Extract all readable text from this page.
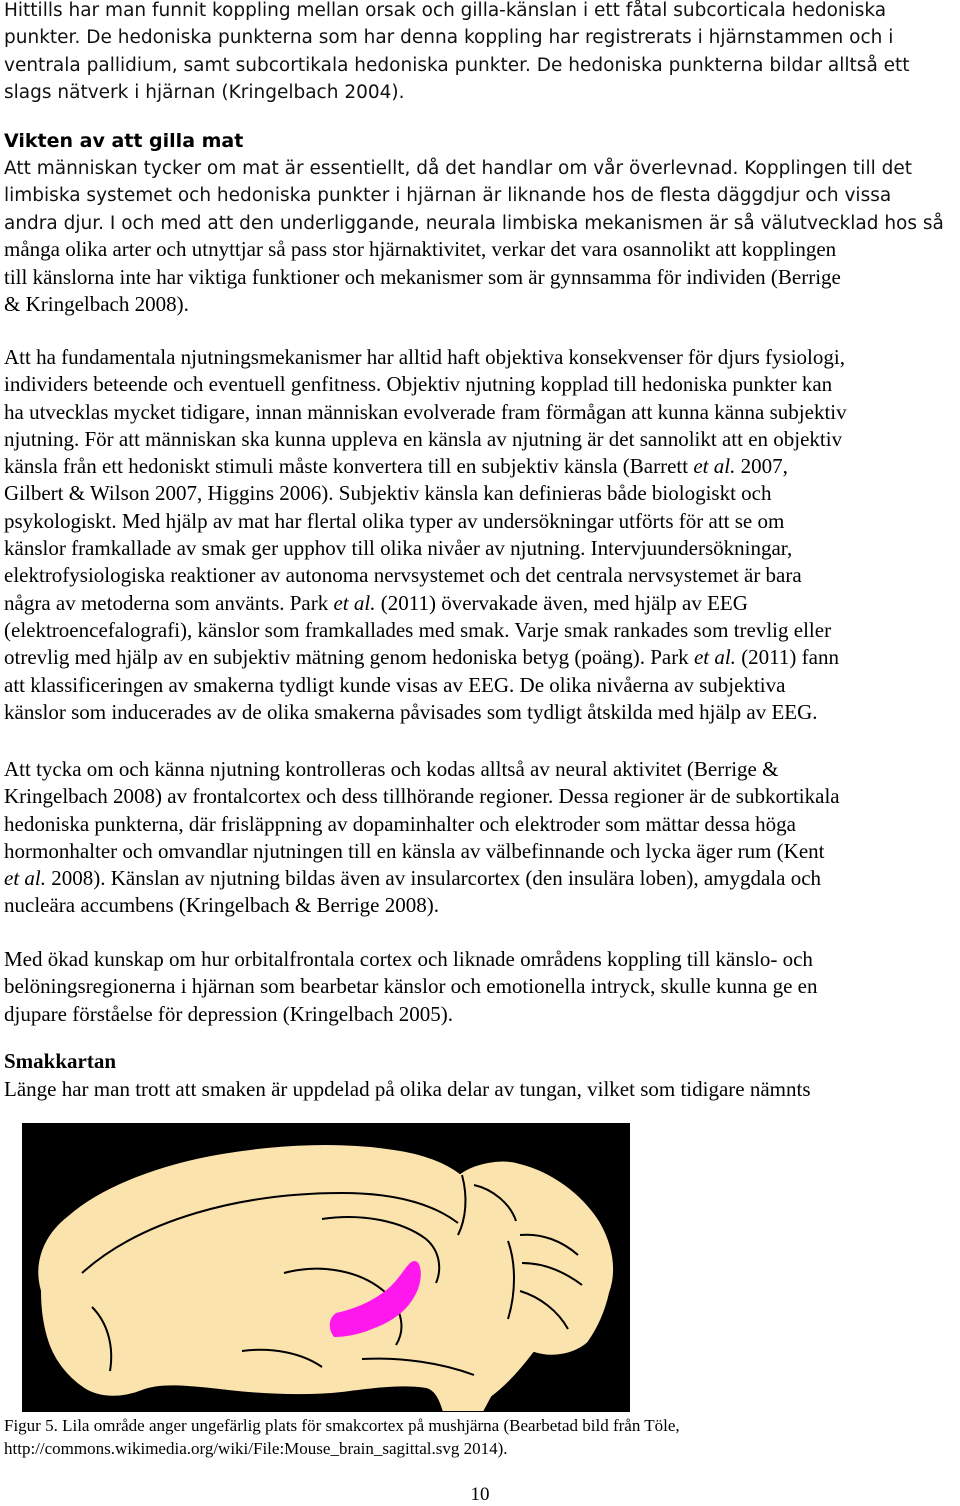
Hittills har man funnit koppling mellan orsak och gilla-känslan i ett fåtal subcorticala hedoniska
punkter. De hedoniska punkterna som har denna koppling har registrerats i hjärnstammen och i
ventrala pallidium, samt subcortikala hedoniska punkter. De hedoniska punkterna bildar alltså ett
slags nätverk i hjärnan (Kringelbach 2004).
Vikten av att gilla mat
Att människan tycker om mat är essentiellt, då det handlar om vår överlevnad. Kopplingen till det
limbiska systemet och hedoniska punkter i hjärnan är liknande hos de flesta däggdjur och vissa
andra djur. I och med att den underliggande, neurala limbiska mekanismen är så välutvecklad hos så
många olika arter och utnyttjar så pass stor hjärnaktivitet, verkar det vara osannolikt att kopplingen
till känslorna inte har viktiga funktioner och mekanismer som är gynnsamma för individen (Berrige
& Kringelbach 2008).
Att ha fundamentala njutningsmekanismer har alltid haft objektiva konsekvenser för djurs fysiologi,
individers beteende och eventuell genfitness. Objektiv njutning kopplad till hedoniska punkter kan
ha utvecklas mycket tidigare, innan människan evolverade fram förmågan att kunna känna subjektiv
njutning. För att människan ska kunna uppleva en känsla av njutning är det sannolikt att en objektiv
känsla från ett hedoniskt stimuli måste konvertera till en subjektiv känsla (Barrett et al. 2007,
Gilbert & Wilson 2007, Higgins 2006). Subjektiv känsla kan definieras både biologiskt och
psykologiskt. Med hjälp av mat har flertal olika typer av undersökningar utförts för att se om
känslor framkallade av smak ger upphov till olika nivåer av njutning. Intervjuundersökningar,
elektrofysiologiska reaktioner av autonoma nervsystemet och det centrala nervsystemet är bara
några av metoderna som använts. Park et al. (2011) övervakade även, med hjälp av EEG
(elektroencefalografi), känslor som framkallades med smak. Varje smak rankades som trevlig eller
otrevlig med hjälp av en subjektiv mätning genom hedoniska betyg (poäng). Park et al. (2011) fann
att klassificeringen av smakerna tydligt kunde visas av EEG. De olika nivåerna av subjektiva
känslor som inducerades av de olika smakerna påvisades som tydligt åtskilda med hjälp av EEG.
Att tycka om och känna njutning kontrolleras och kodas alltså av neural aktivitet (Berrige &
Kringelbach 2008) av frontalcortex och dess tillhörande regioner. Dessa regioner är de subkortikala
hedoniska punkterna, där frisläppning av dopaminhalter och elektroder som mättar dessa höga
hormonhalter och omvandlar njutningen till en känsla av välbefinnande och lycka äger rum (Kent
et al. 2008). Känslan av njutning bildas även av insularcortex (den insulära loben), amygdala och
nucleära accumbens (Kringelbach & Berrige 2008).
Med ökad kunskap om hur orbitalfrontala cortex och liknade områdens koppling till känslo- och
belöningsregionerna i hjärnan som bearbetar känslor och emotionella intryck, skulle kunna ge en
djupare förståelse för depression (Kringelbach 2005).
Smakkartan
Länge har man trott att smaken är uppdelad på olika delar av tungan, vilket som tidigare nämnts
Figur 5. Lila område anger ungefärlig plats för smakcortex på mushjärna (Bearbetad bild från Töle,
http://commons.wikimedia.org/wiki/File:Mouse_brain_sagittal.svg 2014).
10
